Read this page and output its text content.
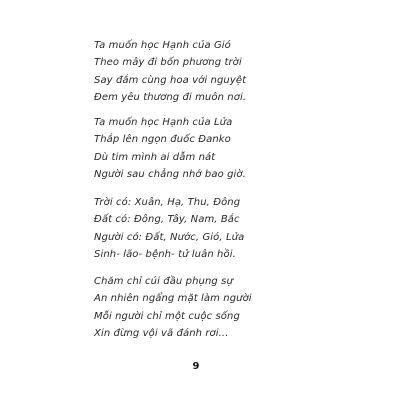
Ta muốn học Hạnh của Gió
Theo mây đi bốn phương trời
Say đắm cùng hoa với nguyệt
Đem yêu thương đi muôn nơi.
Ta muốn học Hạnh của Lửa
Thắp lên ngọn đuốc Đanko
Dù tim mình ai dẫm nát
Người sau chẳng nhớ bao giờ.
Trời có: Xuân, Hạ, Thu, Đông
Đất có: Đông, Tây, Nam, Bắc
Người có: Đất, Nước, Gió, Lửa
Sinh- lão- bệnh- tử luân hồi.
Chăm chỉ cúi đầu phụng sự
An nhiên ngẩng mặt làm người
Mỗi người chỉ một cuộc sống
Xin đừng vội vã đánh rơi...
9
